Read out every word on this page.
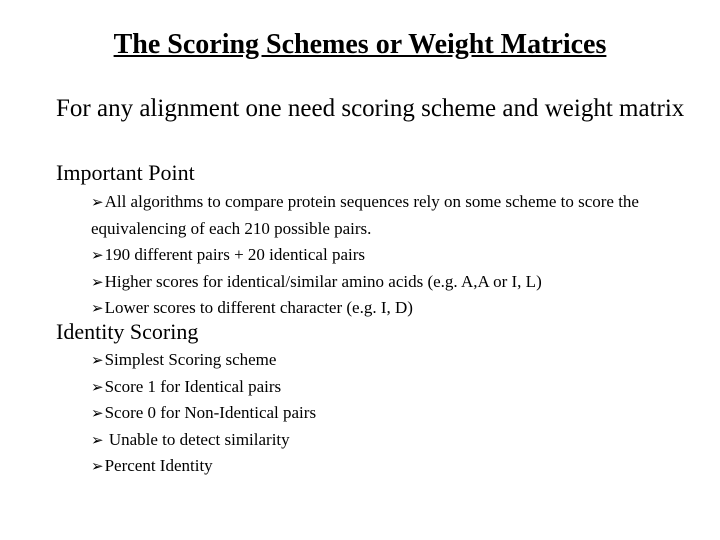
The Scoring Schemes or Weight Matrices
For any alignment one need scoring scheme and weight matrix
Important Point
➢All algorithms to compare protein sequences rely on some scheme to score the equivalencing of each 210 possible pairs.
➢190 different pairs + 20 identical pairs
➢Higher scores for identical/similar amino acids (e.g. A,A or I, L)
➢Lower scores to different character (e.g. I, D)
Identity Scoring
➢Simplest Scoring scheme
➢Score 1 for Identical pairs
➢Score 0 for Non-Identical pairs
➢ Unable to detect similarity
➢Percent Identity
